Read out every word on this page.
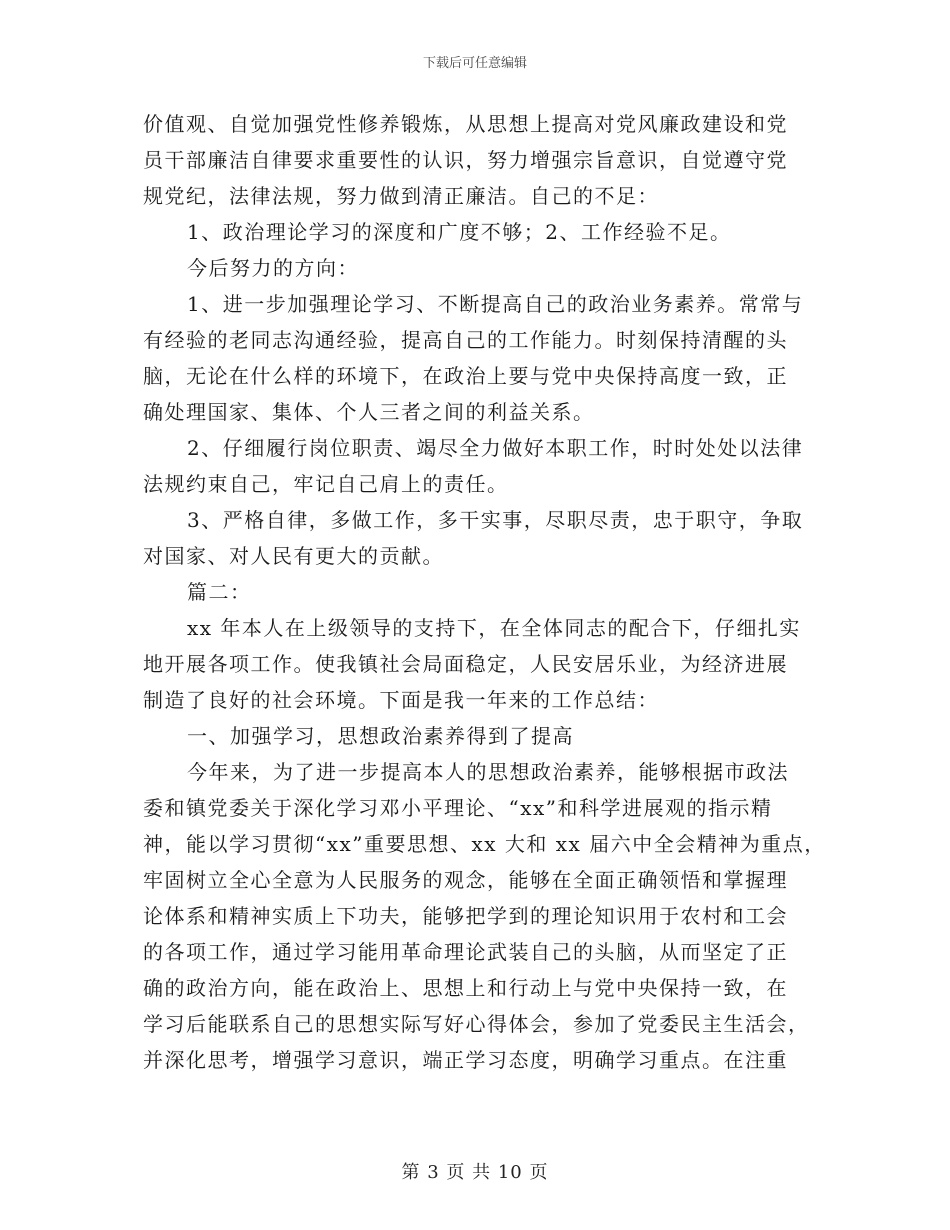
下载后可任意编辑
价值观、自觉加强党性修养锻炼，从思想上提高对党风廉政建设和党
员干部廉洁自律要求重要性的认识，努力增强宗旨意识，自觉遵守党
规党纪，法律法规，努力做到清正廉洁。自己的不足：
1、政治理论学习的深度和广度不够；2、工作经验不足。
今后努力的方向：
1、进一步加强理论学习、不断提高自己的政治业务素养。常常与
有经验的老同志沟通经验，提高自己的工作能力。时刻保持清醒的头
脑，无论在什么样的环境下，在政治上要与党中央保持高度一致，正
确处理国家、集体、个人三者之间的利益关系。
2、仔细履行岗位职责、竭尽全力做好本职工作，时时处处以法律
法规约束自己，牢记自己肩上的责任。
3、严格自律，多做工作，多干实事，尽职尽责，忠于职守，争取
对国家、对人民有更大的贡献。
篇二：
xx 年本人在上级领导的支持下，在全体同志的配合下，仔细扎实
地开展各项工作。使我镇社会局面稳定，人民安居乐业，为经济进展
制造了良好的社会环境。下面是我一年来的工作总结：
一、加强学习，思想政治素养得到了提高
今年来，为了进一步提高本人的思想政治素养，能够根据市政法
委和镇党委关于深化学习邓小平理论、“xx”和科学进展观的指示精
神，能以学习贯彻“xx”重要思想、xx 大和 xx 届六中全会精神为重点，
牢固树立全心全意为人民服务的观念，能够在全面正确领悟和掌握理
论体系和精神实质上下功夫，能够把学到的理论知识用于农村和工会
的各项工作，通过学习能用革命理论武装自己的头脑，从而坚定了正
确的政治方向，能在政治上、思想上和行动上与党中央保持一致，在
学习后能联系自己的思想实际写好心得体会，参加了党委民主生活会，
并深化思考，增强学习意识，端正学习态度，明确学习重点。在注重
第 3 页 共 10 页
